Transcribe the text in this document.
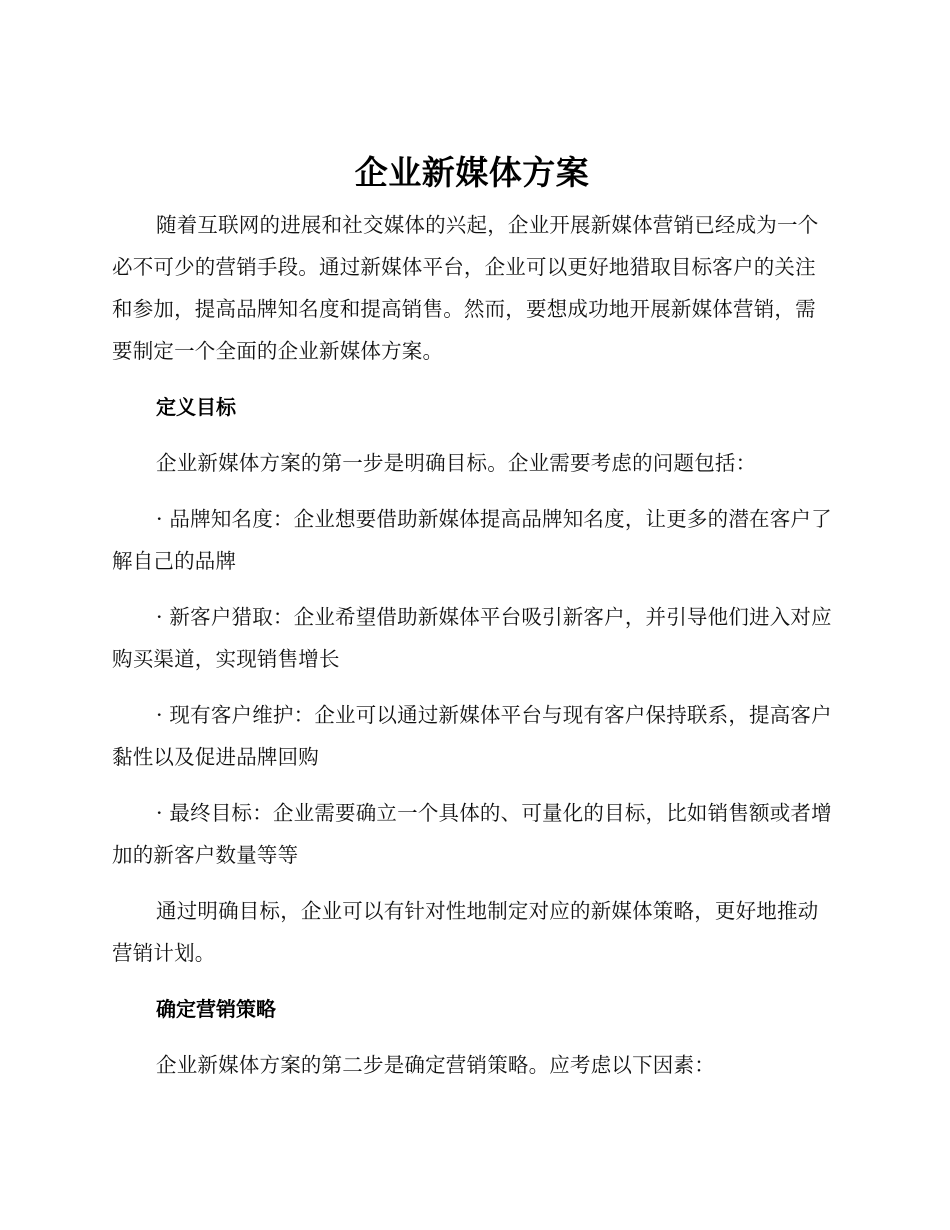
企业新媒体方案

随着互联网的进展和社交媒体的兴起，企业开展新媒体营销已经成为一个必不可少的营销手段。通过新媒体平台，企业可以更好地猎取目标客户的关注和参加，提高品牌知名度和提高销售。然而，要想成功地开展新媒体营销，需要制定一个全面的企业新媒体方案。

定义目标

企业新媒体方案的第一步是明确目标。企业需要考虑的问题包括：

· 品牌知名度：企业想要借助新媒体提高品牌知名度，让更多的潜在客户了解自己的品牌

· 新客户猎取：企业希望借助新媒体平台吸引新客户，并引导他们进入对应购买渠道，实现销售增长

· 现有客户维护：企业可以通过新媒体平台与现有客户保持联系，提高客户黏性以及促进品牌回购

· 最终目标：企业需要确立一个具体的、可量化的目标，比如销售额或者增加的新客户数量等等

通过明确目标，企业可以有针对性地制定对应的新媒体策略，更好地推动营销计划。

确定营销策略

企业新媒体方案的第二步是确定营销策略。应考虑以下因素：
